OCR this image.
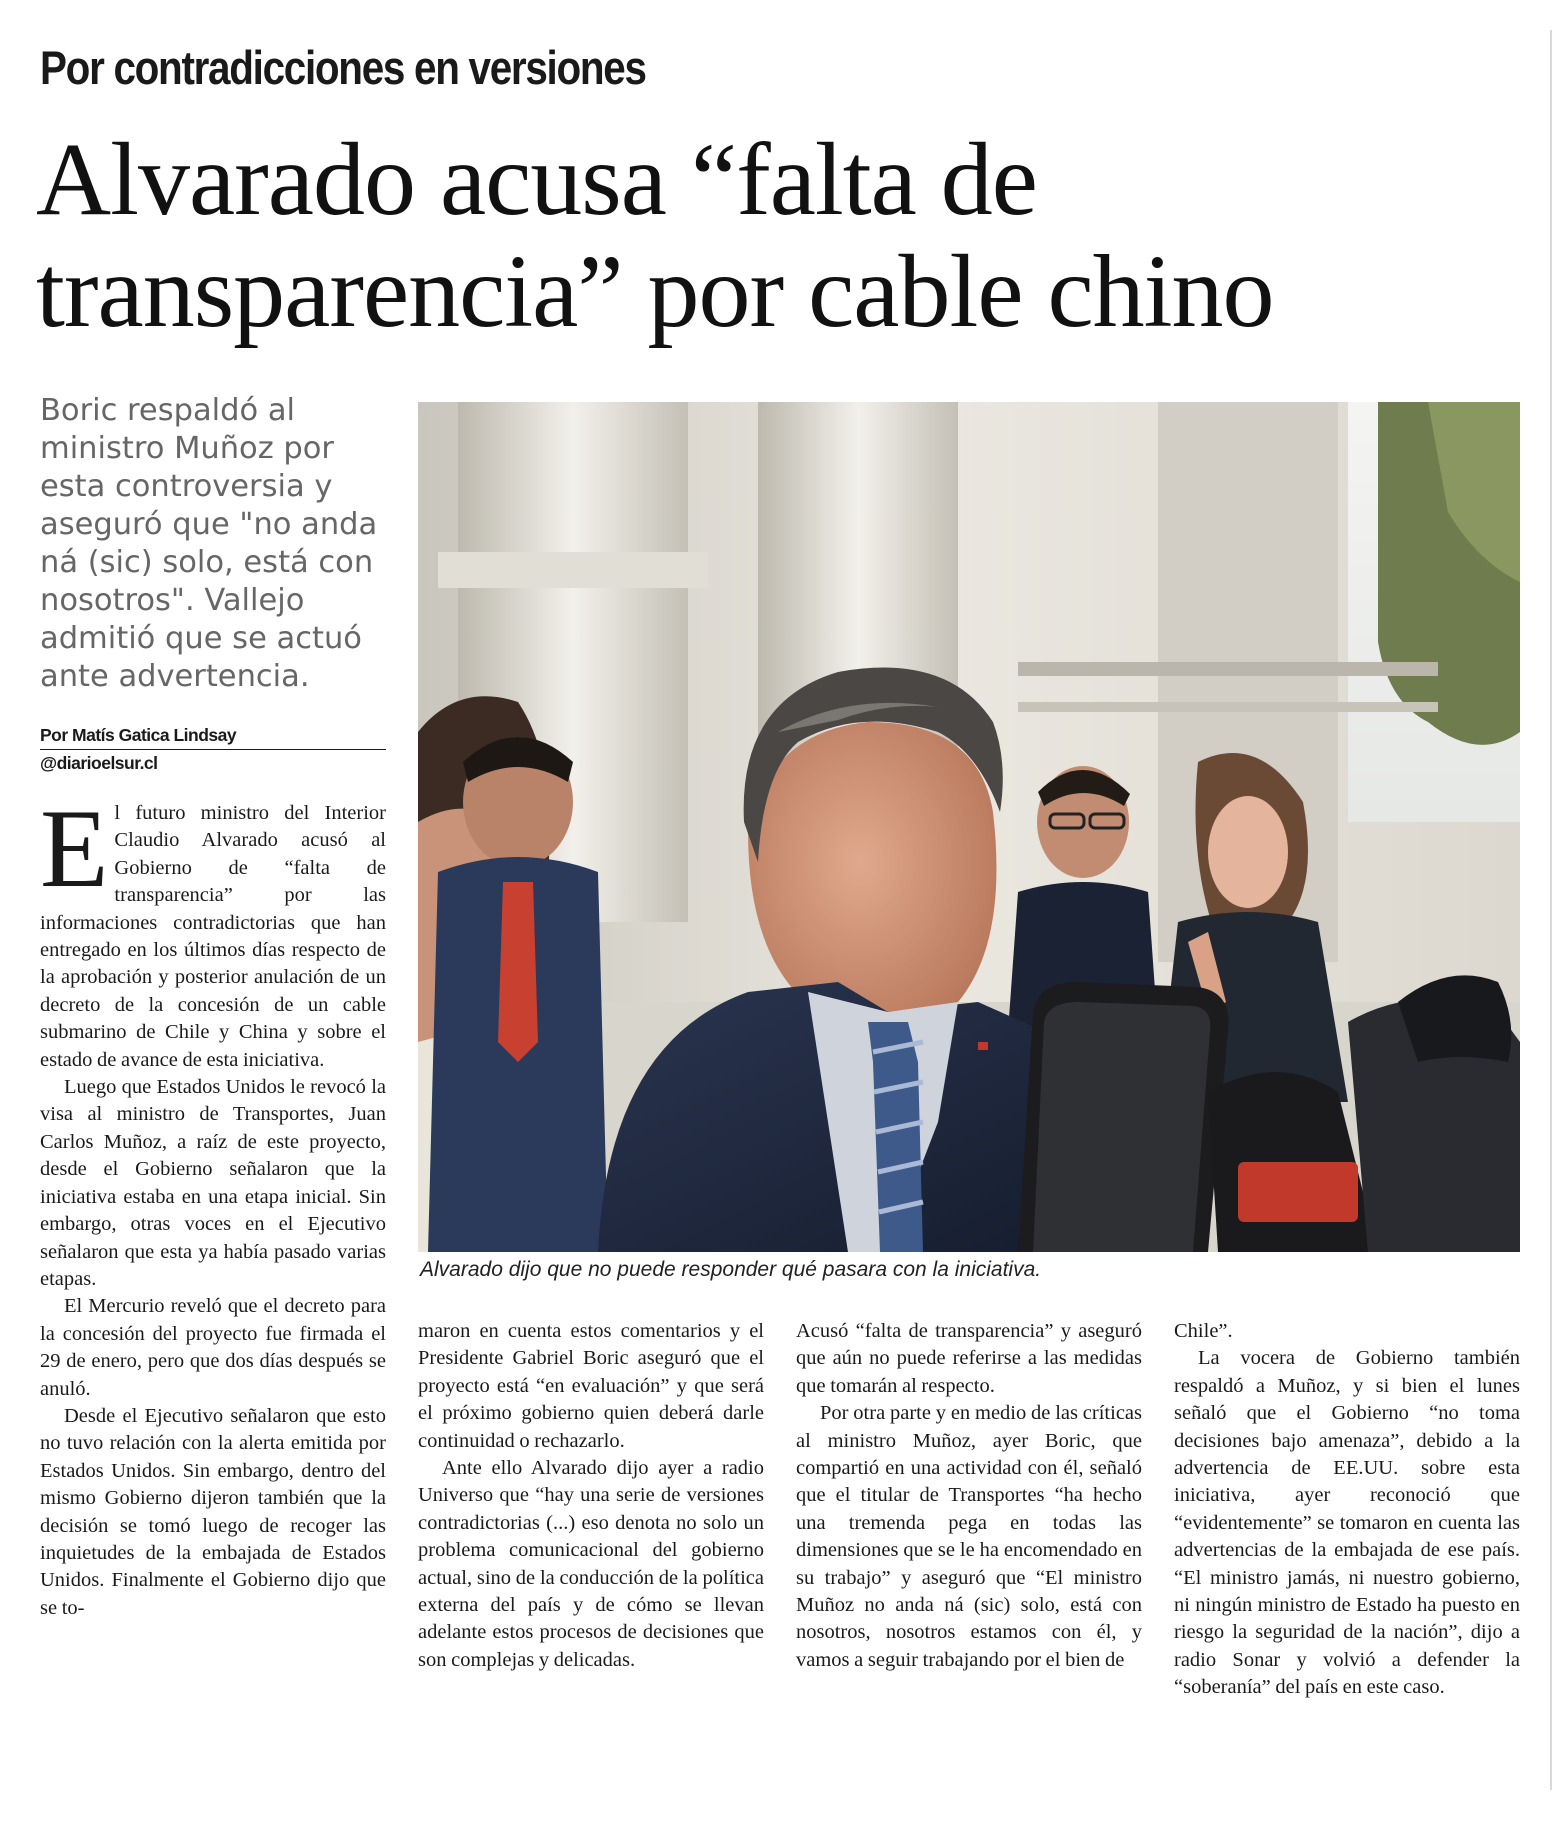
Por contradicciones en versiones
Alvarado acusa “falta de
transparencia” por cable chino
Boric respaldó al
ministro Muñoz por
esta controversia y
aseguró que "no anda
ná (sic) solo, está con
nosotros". Vallejo
admitió que se actuó
ante advertencia.
Por Matís Gatica Lindsay
@diarioelsur.cl
Alvarado dijo que no puede responder qué pasara con la iniciativa.
E l futuro ministro del Interior Claudio Alvarado acusó al Gobierno de “falta de transparencia” por las informaciones contradictorias que han entregado en los últimos días respecto de la aprobación y posterior anulación de un decreto de la concesión de un cable submarino de Chile y China y sobre el estado de avance de esta iniciativa.

Luego que Estados Unidos le revocó la visa al ministro de Transportes, Juan Carlos Muñoz, a raíz de este proyecto, desde el Gobierno señalaron que la iniciativa estaba en una etapa inicial. Sin embargo, otras voces en el Ejecutivo señalaron que esta ya había pasado varias etapas.

El Mercurio reveló que el decreto para la concesión del proyecto fue firmada el 29 de enero, pero que dos días después se anuló.

Desde el Ejecutivo señalaron que esto no tuvo relación con la alerta emitida por Estados Unidos. Sin embargo, dentro del mismo Gobierno dijeron también que la decisión se tomó luego de recoger las inquietudes de la embajada de Estados Unidos. Finalmente el Gobierno dijo que se to-

maron en cuenta estos comentarios y el Presidente Gabriel Boric aseguró que el proyecto está “en evaluación” y que será el próximo gobierno quien deberá darle continuidad o rechazarlo.

Ante ello Alvarado dijo ayer a radio Universo que “hay una serie de versiones contradictorias (...) eso denota no solo un problema comunicacional del gobierno actual, sino de la conducción de la política externa del país y de cómo se llevan adelante estos procesos de decisiones que son complejas y delicadas.

Acusó “falta de transparencia” y aseguró que aún no puede referirse a las medidas que tomarán al respecto.

Por otra parte y en medio de las críticas al ministro Muñoz, ayer Boric, que compartió en una actividad con él, señaló que el titular de Transportes “ha hecho una tremenda pega en todas las dimensiones que se le ha encomendado en su trabajo” y aseguró que “El ministro Muñoz no anda ná (sic) solo, está con nosotros, nosotros estamos con él, y vamos a seguir trabajando por el bien de

Chile”.

La vocera de Gobierno también respaldó a Muñoz, y si bien el lunes señaló que el Gobierno “no toma decisiones bajo amenaza”, debido a la advertencia de EE.UU. sobre esta iniciativa, ayer reconoció que “evidentemente” se tomaron en cuenta las advertencias de la embajada de ese país. “El ministro jamás, ni nuestro gobierno, ni ningún ministro de Estado ha puesto en riesgo la seguridad de la nación”, dijo a radio Sonar y volvió a defender la “soberanía” del país en este caso.
